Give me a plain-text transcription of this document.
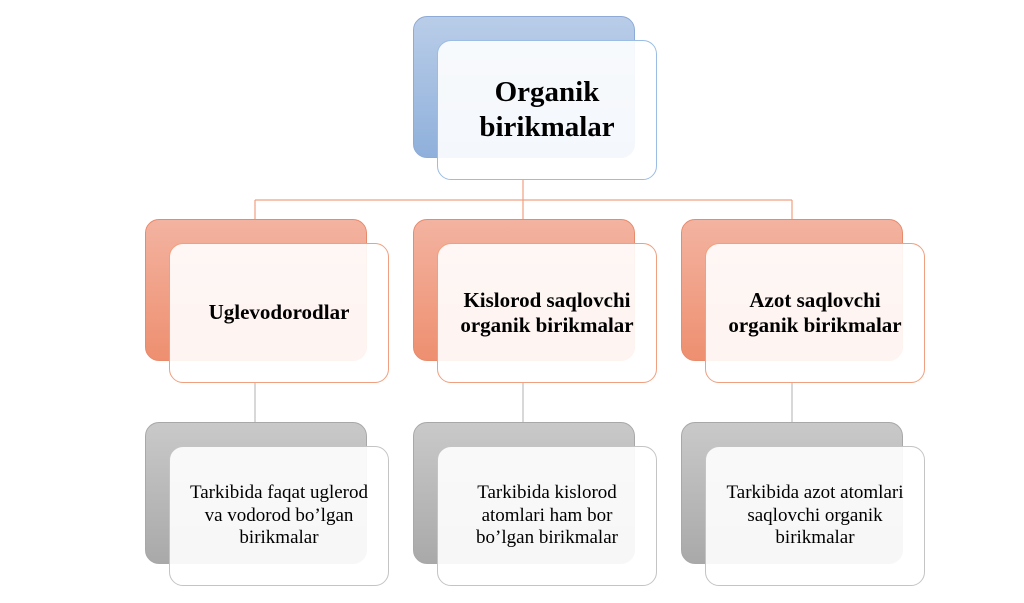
Organik birikmalar
Uglevodorodlar
Kislorod saqlovchi organik birikmalar
Azot saqlovchi organik birikmalar
Tarkibida faqat uglerod va vodorod bo’lgan birikmalar
Tarkibida kislorod atomlari ham bor bo’lgan birikmalar
Tarkibida azot atomlari saqlovchi organik birikmalar
